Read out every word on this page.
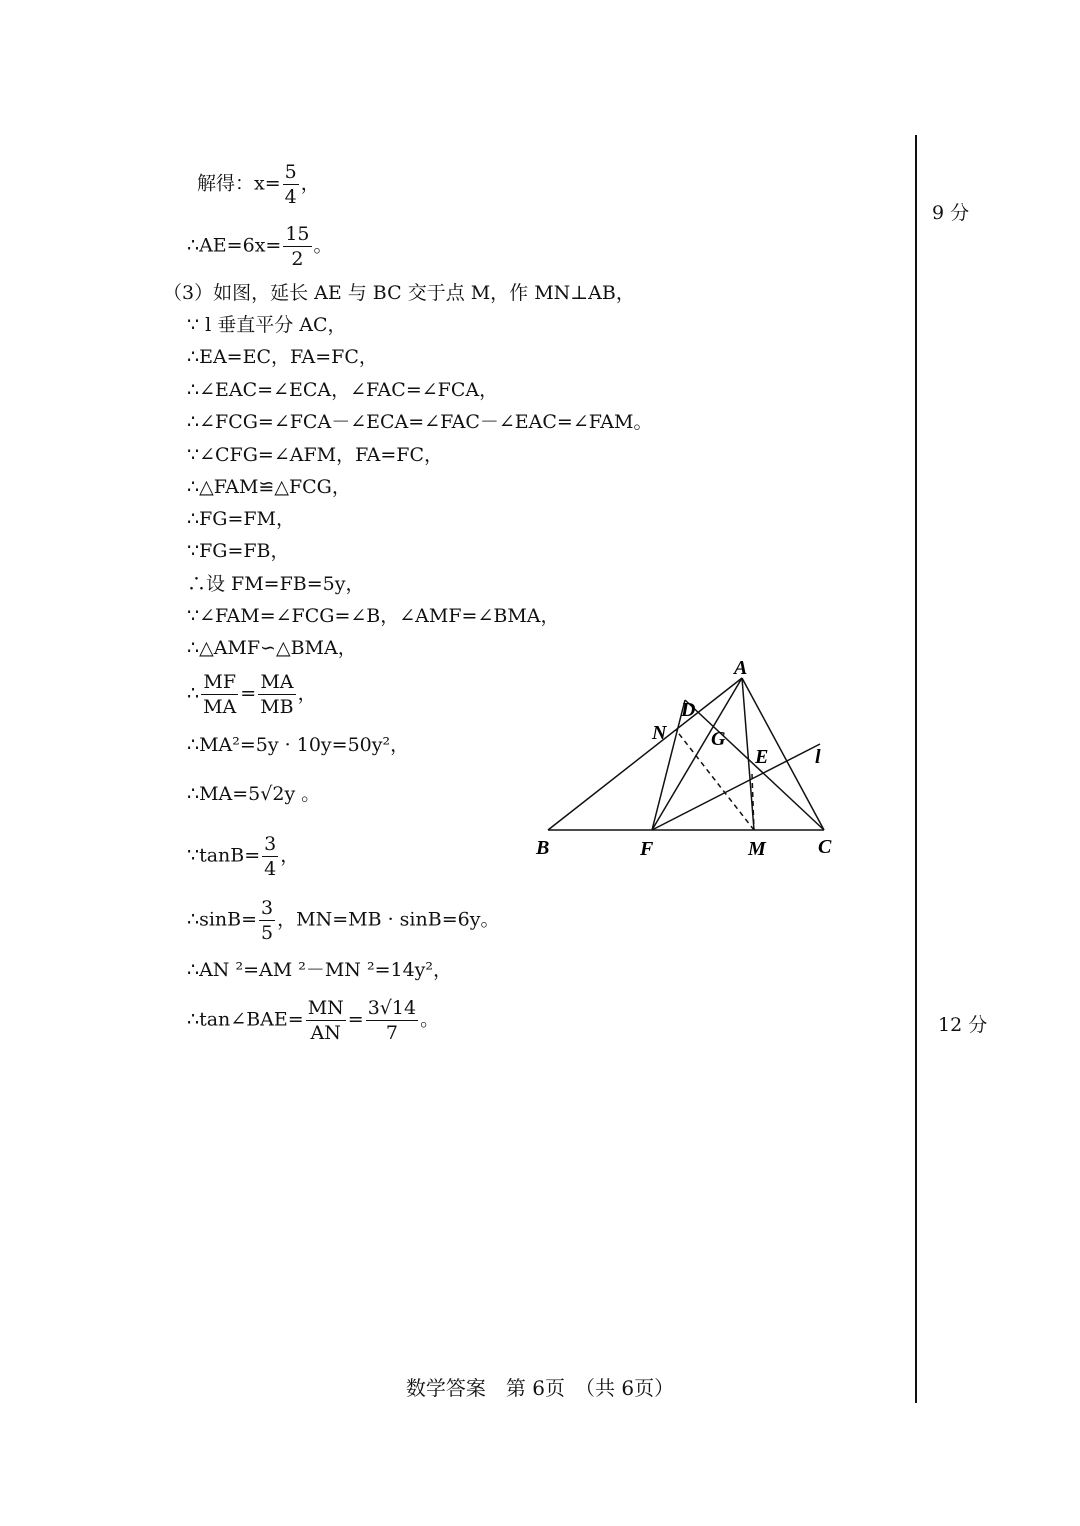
解得：$x= \frac{5}{4}$ ，
∴AE=6x= $\frac{15}{2}$ 。
（3）如图，延长 AE 与 BC 交于点 M，作 MN⊥AB，
∵ l 垂直平分 AC，
∴EA=EC，FA=FC，
∴∠EAC=∠ECA，∠FAC=∠FCA，
∴∠FCG=∠FCA－∠ECA=∠FAC－∠EAC=∠FAM。
∵∠CFG=∠AFM，FA=FC，
∴△FAM≌△FCG，
∴FG=FM，
∵FG=FB，
∴设 FM=FB=5y，
∵∠FAM=∠FCG=∠B，∠AMF=∠BMA，
∴△AMF∽△BMA，
∴ $\frac{MF}{MA} = \frac{MA}{MB}$ ，
∴MA²=5y · 10y=50y²，
∴MA=5√2y 。
∵tanB= $\frac{3}{4}$ ，
∴sinB= $\frac{3}{5}$ ，MN=MB · sinB=6y。
∴AN ²=AM ²－MN ²=14y²，
∴tan∠BAE= $\frac{MN}{AN} = \frac{3√14}{7}$ 。
9 分
12 分
A
B	C
D
E
F
G
M
N
l
数学答案　第 6页　（共 6页）
